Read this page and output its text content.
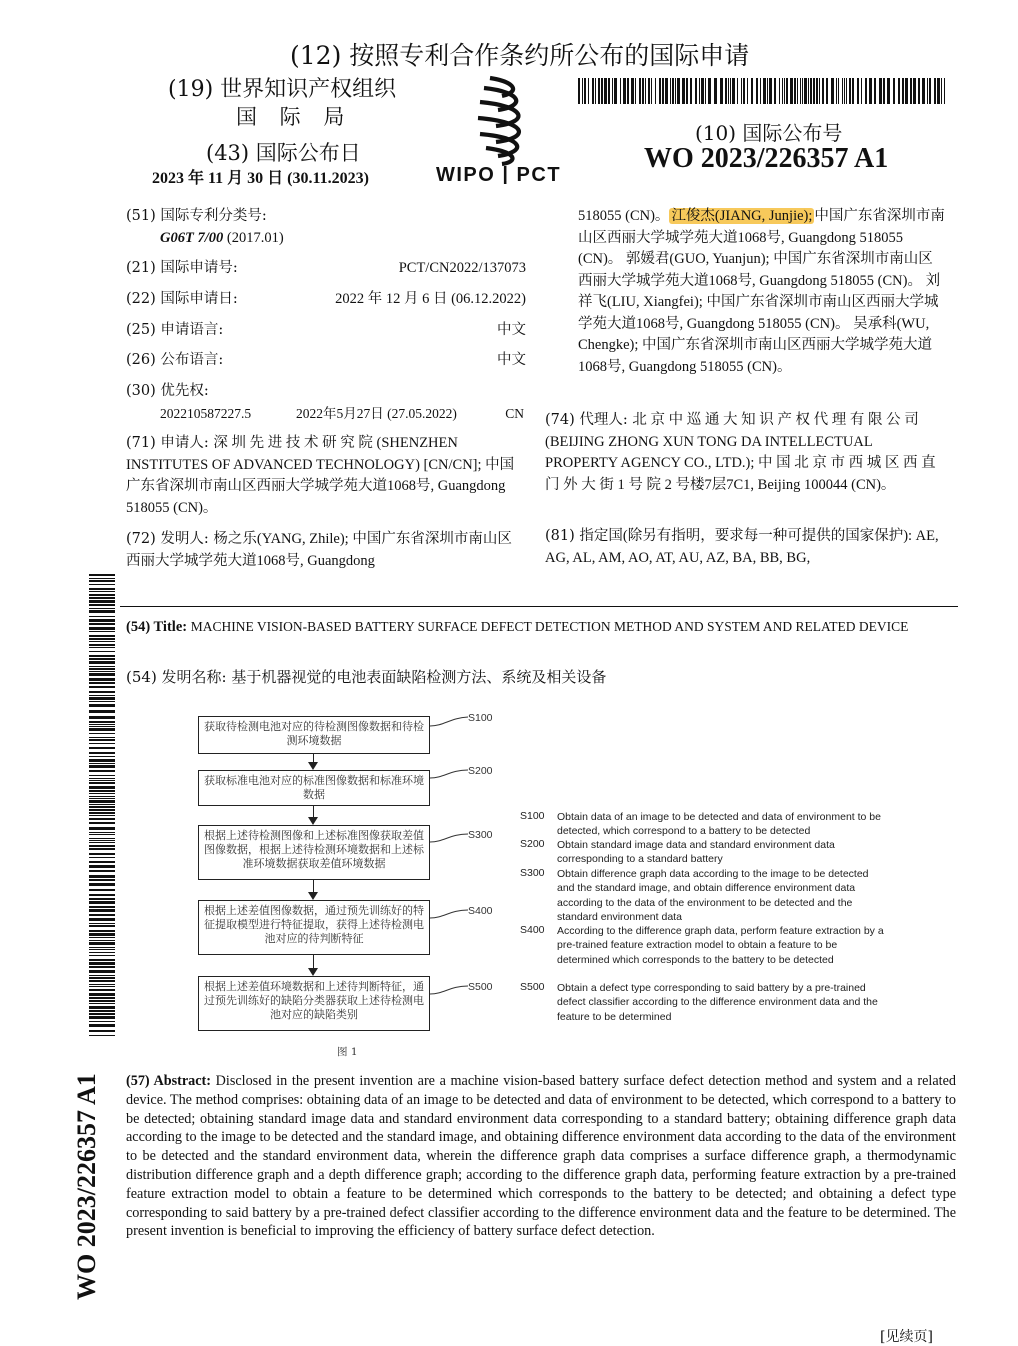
(12) 按照专利合作条约所公布的国际申请
(19) 世界知识产权组织
国 际 局
(43) 国际公布日
2023 年 11 月 30 日 (30.11.2023)	WIPO | PCT
(10) 国际公布号
WO 2023/226357 A1
(51) 国际专利分类号:
G06T 7/00 (2017.01)
(21) 国际申请号:	PCT/CN2022/137073
(22) 国际申请日:	2022 年 12 月 6 日 (06.12.2022)
(25) 申请语言:	中文
(26) 公布语言:	中文
(30) 优先权:
202210587227.5	2022年5月27日 (27.05.2022)	CN
(71) 申请人: 深 圳 先 进 技 术 研 究 院 (SHENZHEN INSTITUTES OF ADVANCED TECHNOLOGY) [CN/CN]; 中国广东省深圳市南山区西丽大学城学苑大道1068号, Guangdong 518055 (CN)。
(72) 发明人: 杨之乐(YANG, Zhile); 中国广东省深圳市南山区西丽大学城学苑大道1068号, Guangdong
518055 (CN)。 江俊杰(JIANG, Junjie); 中国广东省深圳市南山区西丽大学城学苑大道1068号, Guangdong 518055 (CN)。 郭媛君(GUO, Yuanjun); 中国广东省深圳市南山区西丽大学城学苑大道1068号, Guangdong 518055 (CN)。 刘祥飞(LIU, Xiangfei); 中国广东省深圳市南山区西丽大学城学苑大道1068号, Guangdong 518055 (CN)。 吴承科(WU, Chengke); 中国广东省深圳市南山区西丽大学城学苑大道1068号, Guangdong 518055 (CN)。
(74) 代理人: 北 京 中 巡 通 大 知 识 产 权 代 理 有 限 公 司 (BEIJING ZHONG XUN TONG DA INTELLECTUAL PROPERTY AGENCY CO., LTD.); 中 国 北 京 市 西 城 区 西 直 门 外 大 街 1 号 院 2 号楼7层7C1, Beijing 100044 (CN)。
(81) 指定国(除另有指明，要求每一种可提供的国家保护): AE, AG, AL, AM, AO, AT, AU, AZ, BA, BB, BG,
WO 2023/226357 A1
(54) Title: MACHINE VISION-BASED BATTERY SURFACE DEFECT DETECTION METHOD AND SYSTEM AND RELATED DEVICE
(54) 发明名称: 基于机器视觉的电池表面缺陷检测方法、系统及相关设备
获取待检测电池对应的待检测图像数据和待检测环境数据
获取标准电池对应的标准图像数据和标准环境数据
根据上述待检测图像和上述标准图像获取差值图像数据，根据上述待检测环境数据和上述标准环境数据获取差值环境数据
根据上述差值图像数据，通过预先训练好的特征提取模型进行特征提取，获得上述待检测电池对应的待判断特征
根据上述差值环境数据和上述待判断特征，通过预先训练好的缺陷分类器获取上述待检测电池对应的缺陷类别
S100
S200
S300
S400
S500
图 1
S100 Obtain data of an image to be detected and data of environment to be detected, which correspond to a battery to be detected
S200 Obtain standard image data and standard environment data corresponding to a standard battery
S300 Obtain difference graph data according to the image to be detected and the standard image, and obtain difference environment data according to the data of the environment to be detected and the standard environment data
S400 According to the difference graph data, perform feature extraction by a pre-trained feature extraction model to obtain a feature to be determined which corresponds to the battery to be detected
S500 Obtain a defect type corresponding to said battery by a pre-trained defect classifier according to the difference environment data and the feature to be determined
(57) Abstract: Disclosed in the present invention are a machine vision-based battery surface defect detection method and system and a related device. The method comprises: obtaining data of an image to be detected and data of environment to be detected, which correspond to a battery to be detected; obtaining standard image data and standard environment data corresponding to a standard battery; obtaining difference graph data according to the image to be detected and the standard image, and obtaining difference environment data according to the data of the environment to be detected and the standard environment data, wherein the difference graph data comprises a surface difference graph, a thermodynamic distribution difference graph and a depth difference graph; according to the difference graph data, performing feature extraction by a pre-trained feature extraction model to obtain a feature to be determined which corresponds to the battery to be detected; and obtaining a defect type corresponding to said battery by a pre-trained defect classifier according to the difference environment data and the feature to be determined. The present invention is beneficial to improving the efficiency of battery surface defect detection.
[见续页]
